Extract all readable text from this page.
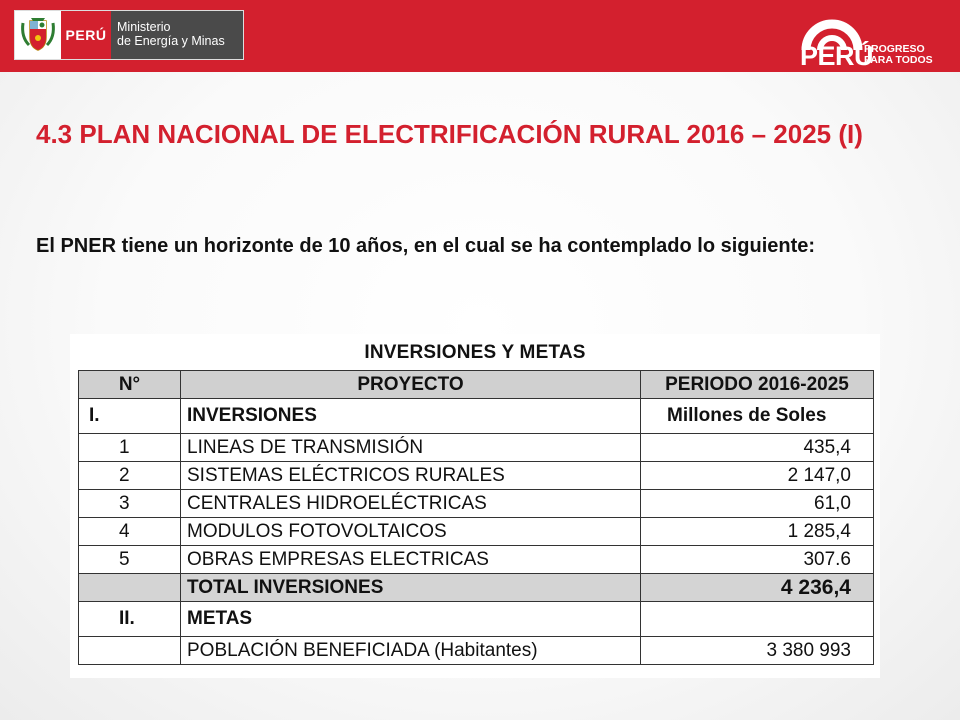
PERÚ Ministerio
de Energía y Minas	PERÚ
PROGRESO
PARA TODOS
4.3 PLAN NACIONAL DE ELECTRIFICACIÓN RURAL 2016 – 2025 (I)

El PNER tiene un horizonte de 10 años, en el cual se ha contemplado lo siguiente:

INVERSIONES Y METAS
N°	PROYECTO	PERIODO 2016-2025
I.	INVERSIONES	Millones de Soles
1	LINEAS DE TRANSMISIÓN	435,4
2	SISTEMAS ELÉCTRICOS RURALES	2 147,0
3	CENTRALES HIDROELÉCTRICAS	61,0
4	MODULOS FOTOVOLTAICOS	1 285,4
5	OBRAS EMPRESAS ELECTRICAS	307.6
	TOTAL INVERSIONES	4 236,4
II.	METAS	
	POBLACIÓN BENEFICIADA (Habitantes)	3 380 993
